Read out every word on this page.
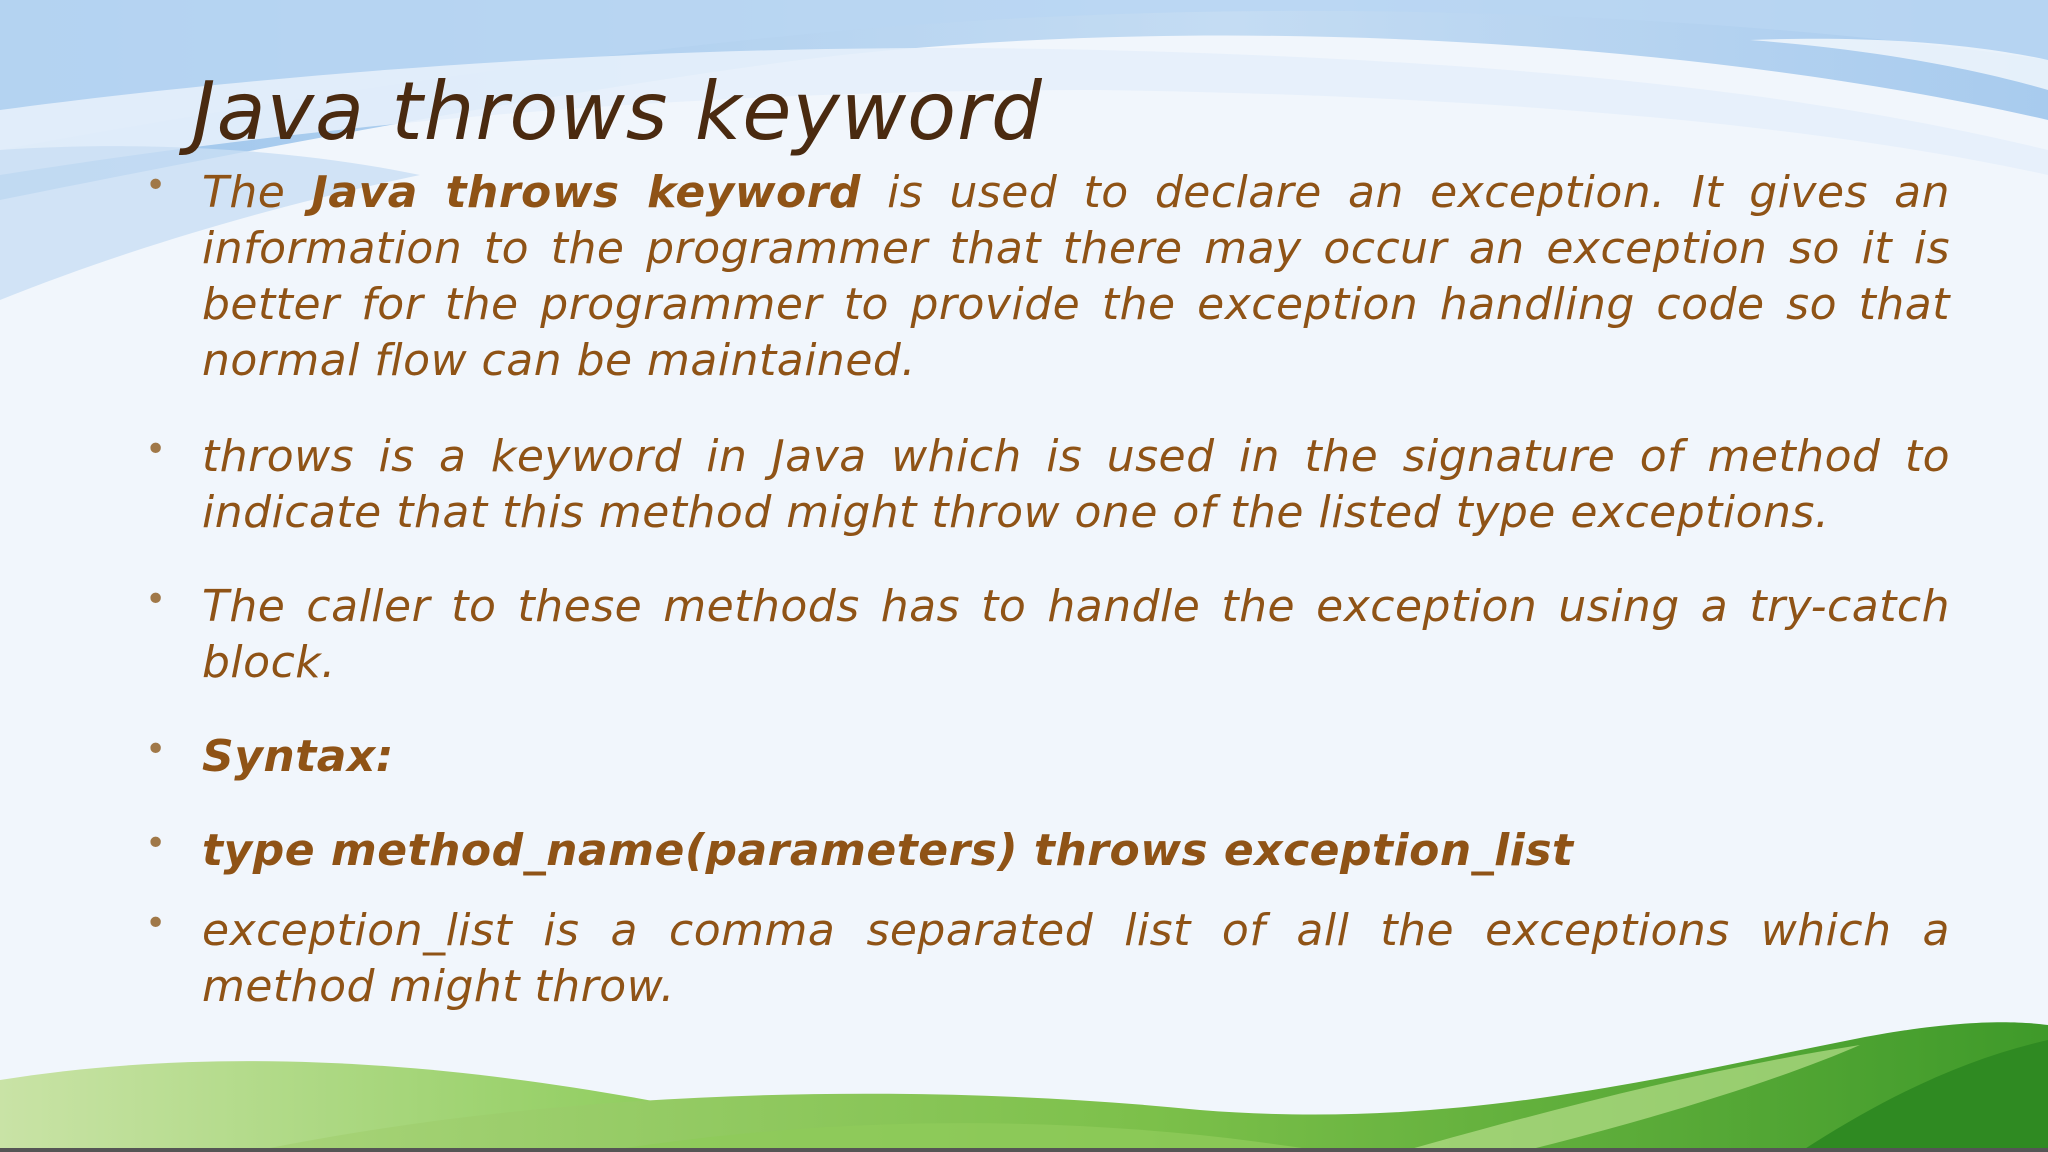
Java throws keyword
• The Java throws keyword is used to declare an exception. It gives an information to the programmer that there may occur an exception so it is better for the programmer to provide the exception handling code so that normal flow can be maintained.
• throws is a keyword in Java which is used in the signature of method to indicate that this method might throw one of the listed type exceptions.
• The caller to these methods has to handle the exception using a try-catch block.
• Syntax:
• type method_name(parameters) throws exception_list
• exception_list is a comma separated list of all the exceptions which a method might throw.
